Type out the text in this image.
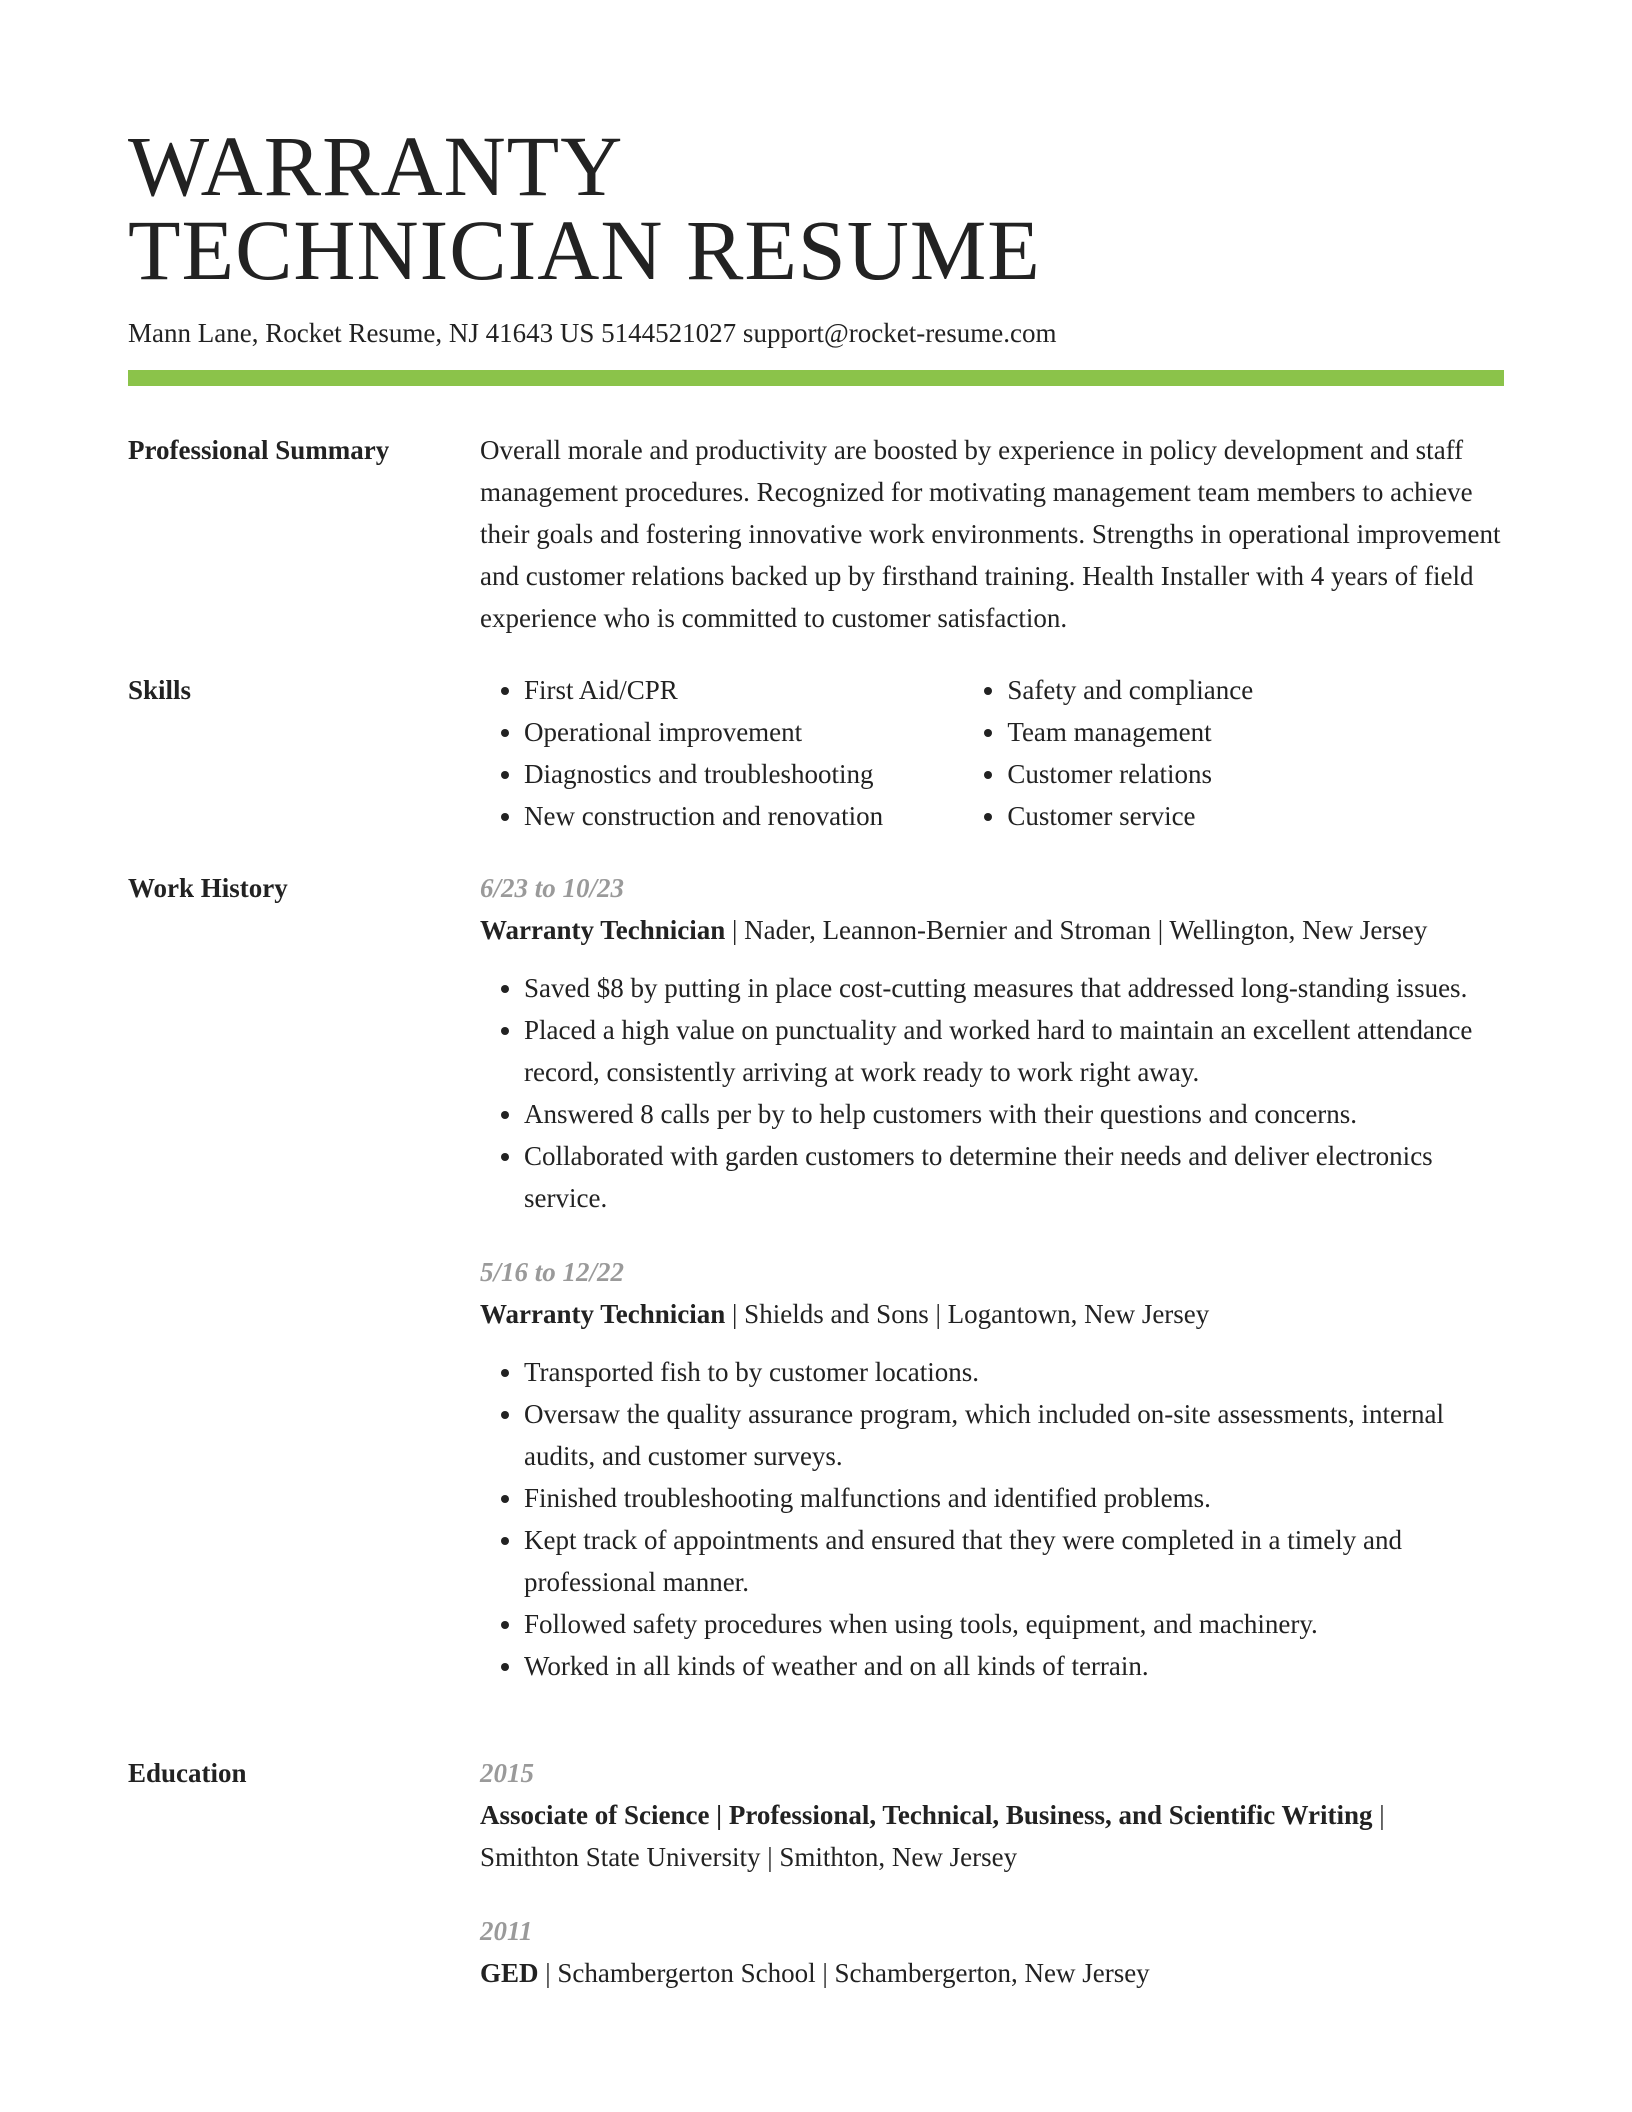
WARRANTY
TECHNICIAN RESUME
Mann Lane, Rocket Resume, NJ 41643 US 5144521027 support@rocket-resume.com
Professional Summary	Overall morale and productivity are boosted by experience in policy development and staff management procedures. Recognized for motivating management team members to achieve their goals and fostering innovative work environments. Strengths in operational improvement and customer relations backed up by firsthand training. Health Installer with 4 years of field experience who is committed to customer satisfaction.

Skills
•	First Aid/CPR
• Operational improvement
• Diagnostics and troubleshooting
• New construction and renovation
• Safety and compliance
• Team management
• Customer relations
• Customer service
Work History	6/23 to 10/23
Warranty Technician | Nader, Leannon-Bernier and Stroman | Wellington, New Jersey
• Saved $8 by putting in place cost-cutting measures that addressed long-standing issues.
• Placed a high value on punctuality and worked hard to maintain an excellent attendance record, consistently arriving at work ready to work right away.
• Answered 8 calls per by to help customers with their questions and concerns.
• Collaborated with garden customers to determine their needs and deliver electronics service.
5/16 to 12/22
Warranty Technician | Shields and Sons | Logantown, New Jersey
• Transported fish to by customer locations.
• Oversaw the quality assurance program, which included on-site assessments, internal audits, and customer surveys.
• Finished troubleshooting malfunctions and identified problems.
• Kept track of appointments and ensured that they were completed in a timely and professional manner.
• Followed safety procedures when using tools, equipment, and machinery.
• Worked in all kinds of weather and on all kinds of terrain.
Education	2015
Associate of Science | Professional, Technical, Business, and Scientific Writing |
Smithton State University | Smithton, New Jersey
2011
GED | Schambergerton School | Schambergerton, New Jersey
